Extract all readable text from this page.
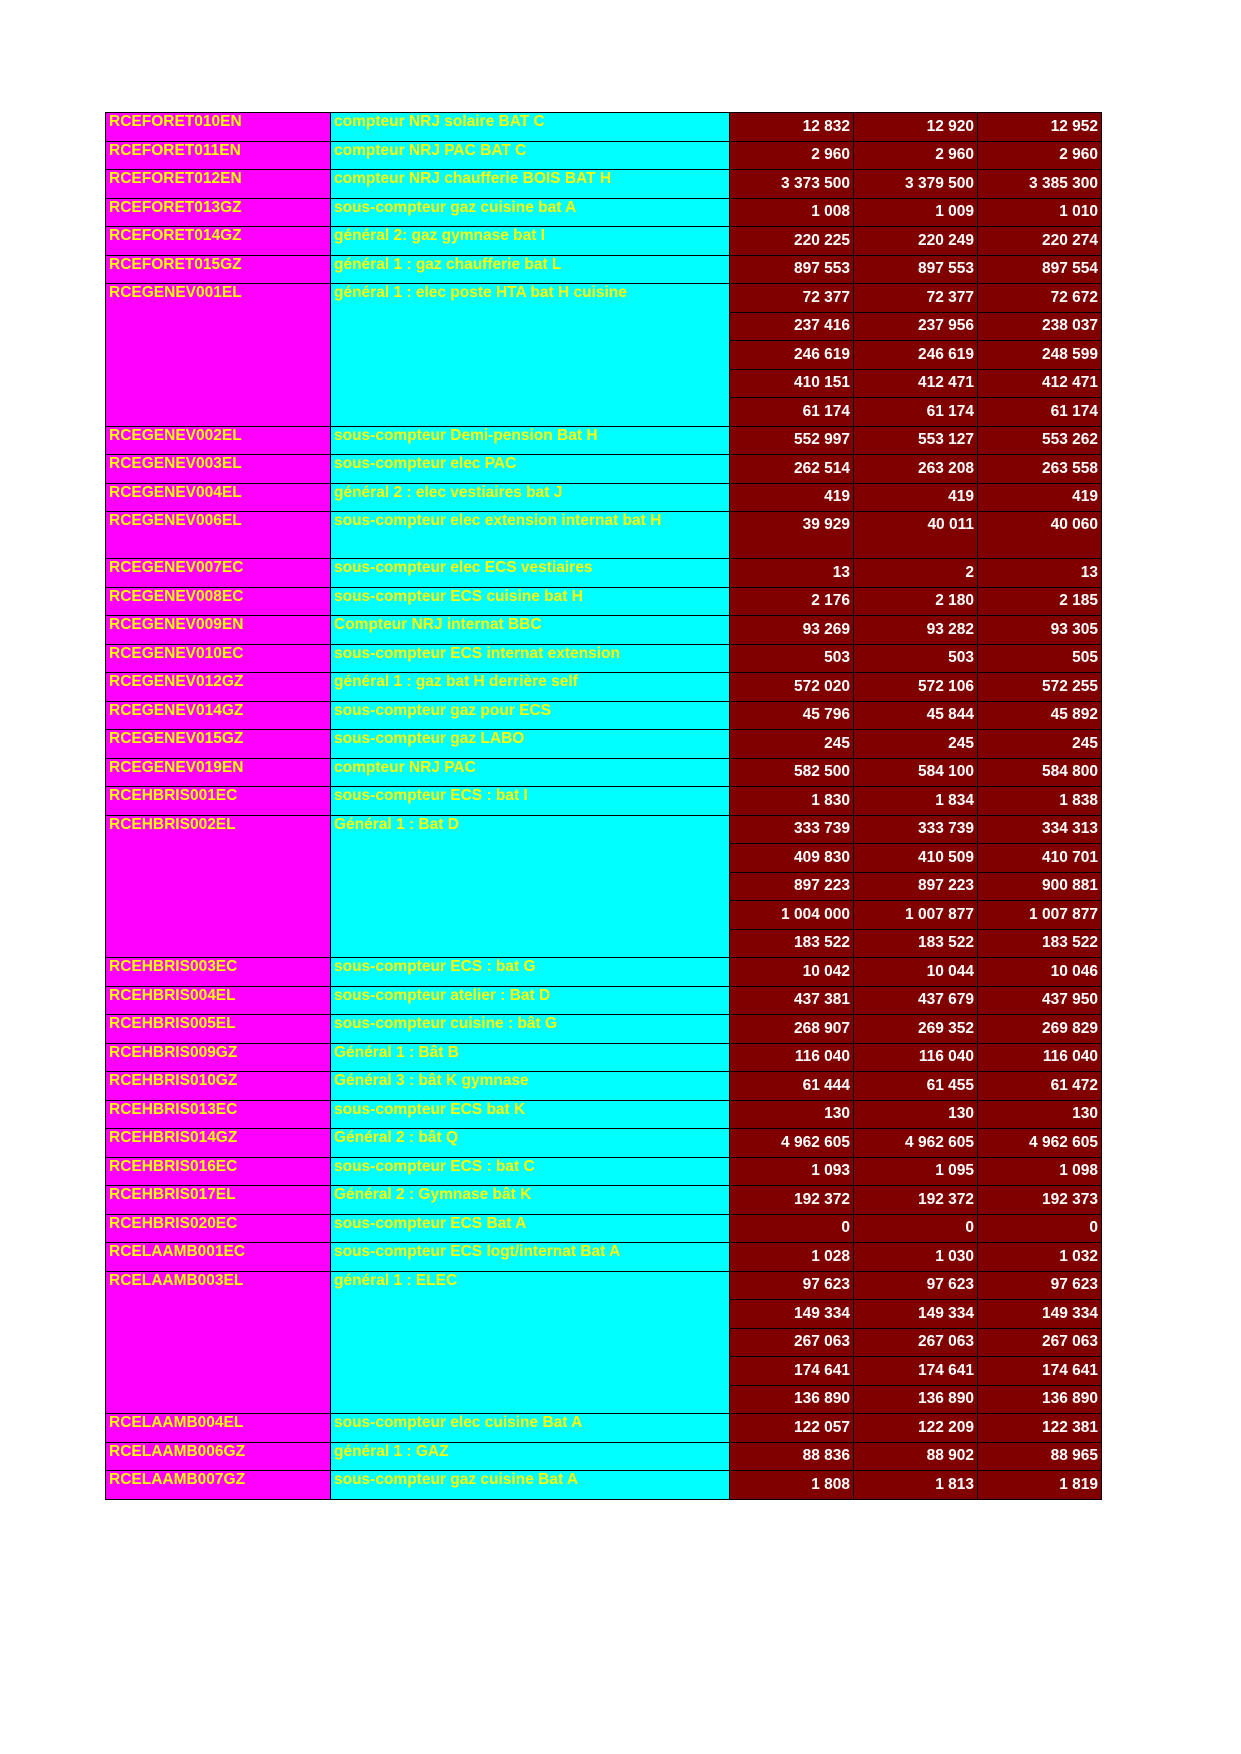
RCEFORET010EN	compteur NRJ solaire BAT C	12 832	12 920	12 952
RCEFORET011EN	compteur NRJ PAC BAT C	2 960	2 960	2 960
RCEFORET012EN	compteur NRJ chaufferie BOIS BAT H	3 373 500	3 379 500	3 385 300
RCEFORET013GZ	sous-compteur gaz cuisine bat A	1 008	1 009	1 010
RCEFORET014GZ	général 2: gaz gymnase bat I	220 225	220 249	220 274
RCEFORET015GZ	général 1 : gaz chaufferie bat L	897 553	897 553	897 554
RCEGENEV001EL	général 1 : elec poste HTA bat H cuisine	72 377	72 377	72 672
		237 416	237 956	238 037
		246 619	246 619	248 599
		410 151	412 471	412 471
		61 174	61 174	61 174
RCEGENEV002EL	sous-compteur Demi-pension Bat H	552 997	553 127	553 262
RCEGENEV003EL	sous-compteur elec PAC	262 514	263 208	263 558
RCEGENEV004EL	général 2 : elec vestiaires bat J	419	419	419
RCEGENEV006EL	sous-compteur elec extension internat bat H	39 929	40 011	40 060
RCEGENEV007EC	sous-compteur elec ECS vestiaires	13	2	13
RCEGENEV008EC	sous-compteur ECS cuisine bat H	2 176	2 180	2 185
RCEGENEV009EN	Compteur NRJ internat BBC	93 269	93 282	93 305
RCEGENEV010EC	sous-compteur ECS internat extension	503	503	505
RCEGENEV012GZ	général 1 : gaz bat H derrière self	572 020	572 106	572 255
RCEGENEV014GZ	sous-compteur gaz pour ECS	45 796	45 844	45 892
RCEGENEV015GZ	sous-compteur gaz LABO	245	245	245
RCEGENEV019EN	compteur NRJ PAC	582 500	584 100	584 800
RCEHBRIS001EC	sous-compteur ECS : bat I	1 830	1 834	1 838
RCEHBRIS002EL	Général 1 : Bat D	333 739	333 739	334 313
		409 830	410 509	410 701
		897 223	897 223	900 881
		1 004 000	1 007 877	1 007 877
		183 522	183 522	183 522
RCEHBRIS003EC	sous-compteur ECS : bat G	10 042	10 044	10 046
RCEHBRIS004EL	sous-compteur atelier : Bat D	437 381	437 679	437 950
RCEHBRIS005EL	sous-compteur cuisine : bât G	268 907	269 352	269 829
RCEHBRIS009GZ	Général 1 : Bât B	116 040	116 040	116 040
RCEHBRIS010GZ	Général 3 : bât K gymnase	61 444	61 455	61 472
RCEHBRIS013EC	sous-compteur ECS bat K	130	130	130
RCEHBRIS014GZ	Général 2 : bât Q	4 962 605	4 962 605	4 962 605
RCEHBRIS016EC	sous-compteur ECS : bat C	1 093	1 095	1 098
RCEHBRIS017EL	Général 2 : Gymnase bât K	192 372	192 372	192 373
RCEHBRIS020EC	sous-compteur ECS Bat A	0	0	0
RCELAAMB001EC	sous-compteur ECS logt/internat Bat A	1 028	1 030	1 032
RCELAAMB003EL	général 1 : ELEC	97 623	97 623	97 623
		149 334	149 334	149 334
		267 063	267 063	267 063
		174 641	174 641	174 641
		136 890	136 890	136 890
RCELAAMB004EL	sous-compteur elec cuisine Bat A	122 057	122 209	122 381
RCELAAMB006GZ	général 1 : GAZ	88 836	88 902	88 965
RCELAAMB007GZ	sous-compteur gaz cuisine Bat A	1 808	1 813	1 819
